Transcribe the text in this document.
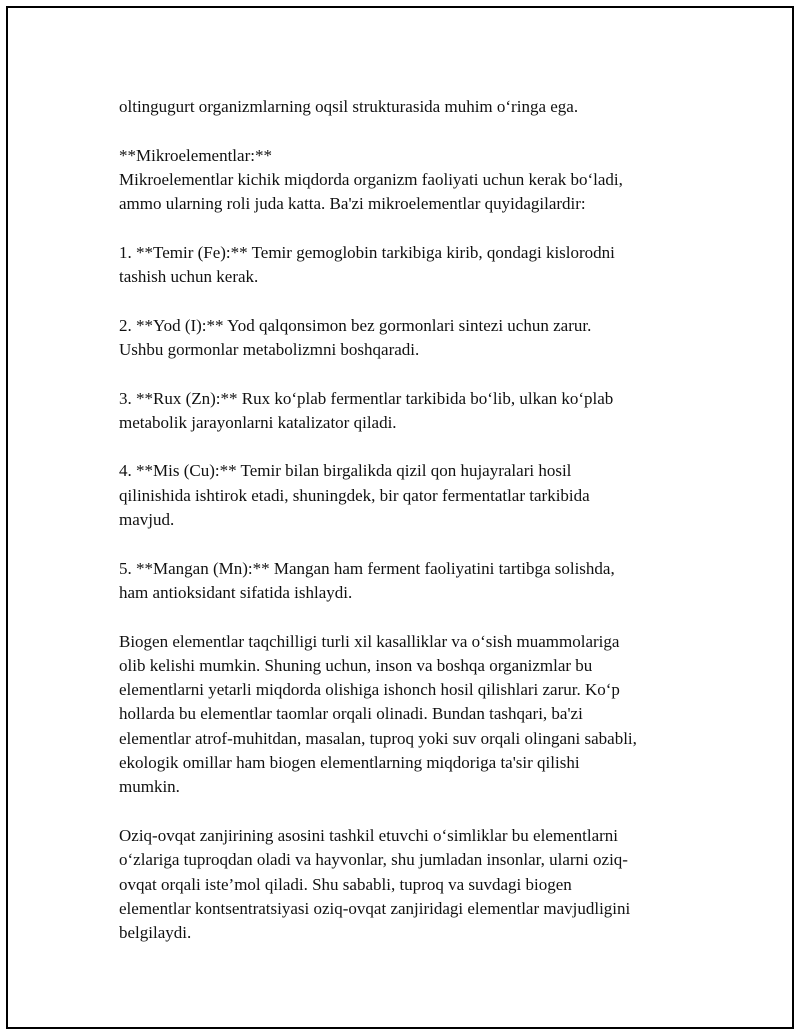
oltingugurt organizmlarning oqsil strukturasida muhim o‘ringa ega.
**Mikroelementlar:**
Mikroelementlar kichik miqdorda organizm faoliyati uchun kerak bo‘ladi,
ammo ularning roli juda katta. Ba'zi mikroelementlar quyidagilardir:
1. **Temir (Fe):** Temir gemoglobin tarkibiga kirib, qondagi kislorodni
tashish uchun kerak.
2. **Yod (I):** Yod qalqonsimon bez gormonlari sintezi uchun zarur.
Ushbu gormonlar metabolizmni boshqaradi.
3. **Rux (Zn):** Rux ko‘plab fermentlar tarkibida bo‘lib, ulkan ko‘plab
metabolik jarayonlarni katalizator qiladi.
4. **Mis (Cu):** Temir bilan birgalikda qizil qon hujayralari hosil
qilinishida ishtirok etadi, shuningdek, bir qator fermentatlar tarkibida
mavjud.
5. **Mangan (Mn):** Mangan ham ferment faoliyatini tartibga solishda,
ham antioksidant sifatida ishlaydi.
Biogen elementlar taqchilligi turli xil kasalliklar va o‘sish muammolariga
olib kelishi mumkin. Shuning uchun, inson va boshqa organizmlar bu
elementlarni yetarli miqdorda olishiga ishonch hosil qilishlari zarur. Ko‘p
hollarda bu elementlar taomlar orqali olinadi. Bundan tashqari, ba'zi
elementlar atrof-muhitdan, masalan, tuproq yoki suv orqali olingani sababli,
ekologik omillar ham biogen elementlarning miqdoriga ta'sir qilishi
mumkin.
Oziq-ovqat zanjirining asosini tashkil etuvchi o‘simliklar bu elementlarni
o‘zlariga tuproqdan oladi va hayvonlar, shu jumladan insonlar, ularni oziq-
ovqat orqali iste’mol qiladi. Shu sababli, tuproq va suvdagi biogen
elementlar kontsentratsiyasi oziq-ovqat zanjiridagi elementlar mavjudligini
belgilaydi.
